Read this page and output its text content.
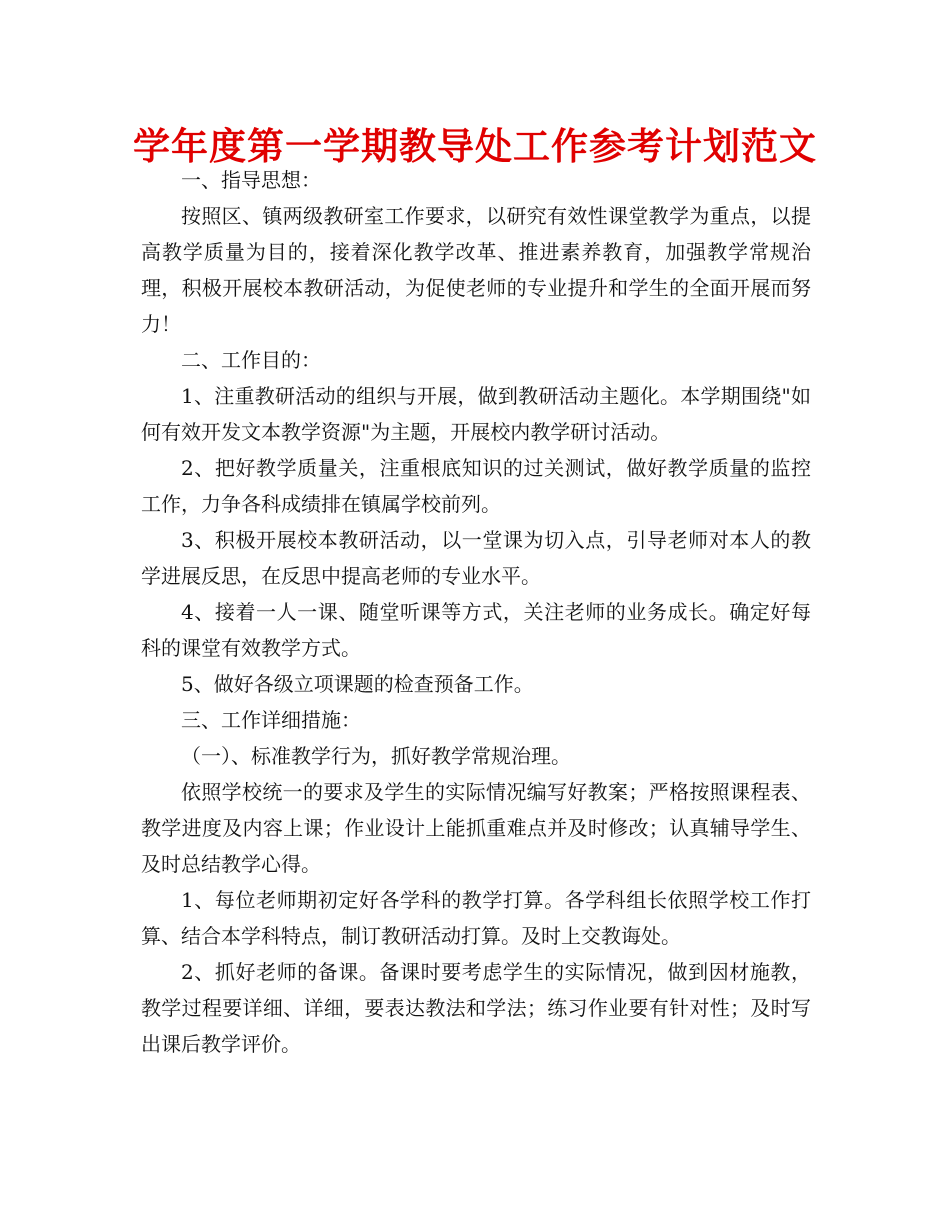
学年度第一学期教导处工作参考计划范文

一、指导思想：

按照区、镇两级教研室工作要求，以研究有效性课堂教学为重点，以提高教学质量为目的，接着深化教学改革、推进素养教育，加强教学常规治理，积极开展校本教研活动，为促使老师的专业提升和学生的全面开展而努力！

二、工作目的：

1、注重教研活动的组织与开展，做到教研活动主题化。本学期围绕"如何有效开发文本教学资源"为主题，开展校内教学研讨活动。

2、把好教学质量关，注重根底知识的过关测试，做好教学质量的监控工作，力争各科成绩排在镇属学校前列。

3、积极开展校本教研活动，以一堂课为切入点，引导老师对本人的教学进展反思，在反思中提高老师的专业水平。

4、接着一人一课、随堂听课等方式，关注老师的业务成长。确定好每科的课堂有效教学方式。

5、做好各级立项课题的检查预备工作。

三、工作详细措施：

（一）、标准教学行为，抓好教学常规治理。

依照学校统一的要求及学生的实际情况编写好教案；严格按照课程表、教学进度及内容上课；作业设计上能抓重难点并及时修改；认真辅导学生、及时总结教学心得。

1、每位老师期初定好各学科的教学打算。各学科组长依照学校工作打算、结合本学科特点，制订教研活动打算。及时上交教诲处。

2、抓好老师的备课。备课时要考虑学生的实际情况，做到因材施教，教学过程要详细、详细，要表达教法和学法；练习作业要有针对性；及时写出课后教学评价。
